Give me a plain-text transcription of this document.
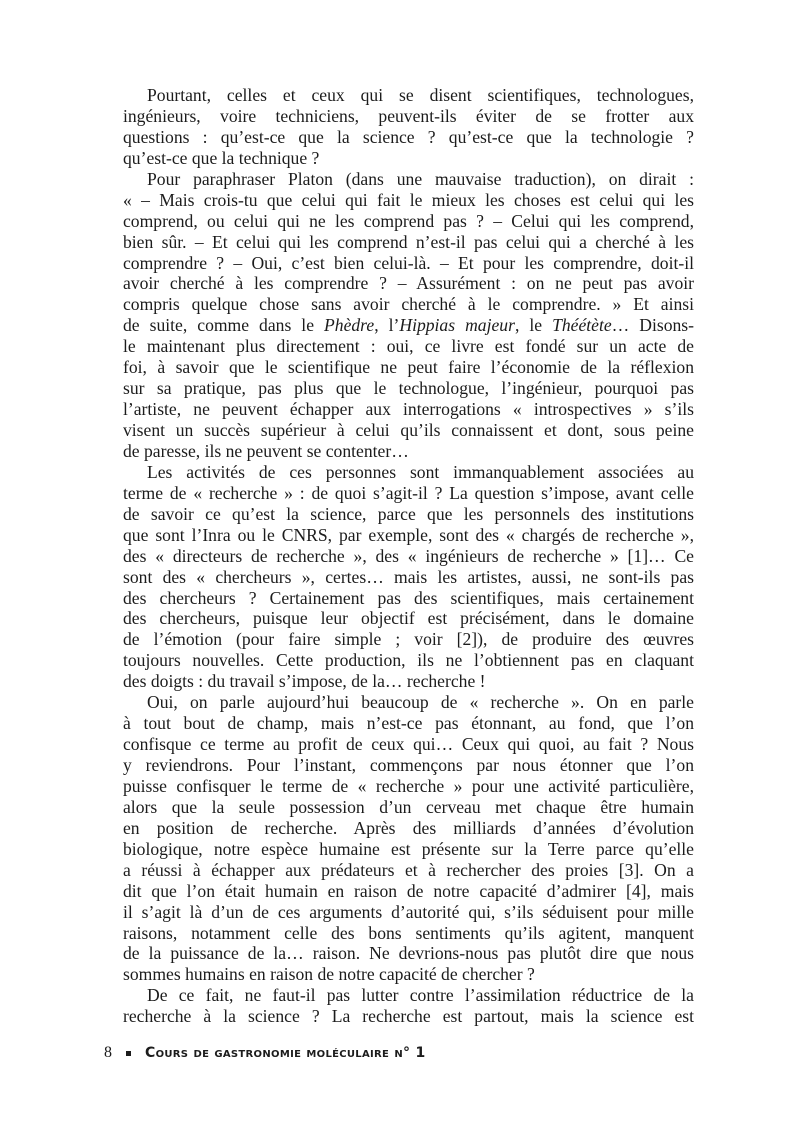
Pourtant, celles et ceux qui se disent scientifiques, technologues,
ingénieurs, voire techniciens, peuvent-ils éviter de se frotter aux
questions : qu’est-ce que la science ? qu’est-ce que la technologie ?
qu’est-ce que la technique ?
Pour paraphraser Platon (dans une mauvaise traduction), on dirait :
« – Mais crois-tu que celui qui fait le mieux les choses est celui qui les
comprend, ou celui qui ne les comprend pas ? – Celui qui les comprend,
bien sûr. – Et celui qui les comprend n’est-il pas celui qui a cherché à les
comprendre ? – Oui, c’est bien celui-là. – Et pour les comprendre, doit-il
avoir cherché à les comprendre ? – Assurément : on ne peut pas avoir
compris quelque chose sans avoir cherché à le comprendre. » Et ainsi
de suite, comme dans le Phèdre, l’Hippias majeur, le Théétète… Disons-
le maintenant plus directement : oui, ce livre est fondé sur un acte de
foi, à savoir que le scientifique ne peut faire l’économie de la réflexion
sur sa pratique, pas plus que le technologue, l’ingénieur, pourquoi pas
l’artiste, ne peuvent échapper aux interrogations « introspectives » s’ils
visent un succès supérieur à celui qu’ils connaissent et dont, sous peine
de paresse, ils ne peuvent se contenter…
Les activités de ces personnes sont immanquablement associées au
terme de « recherche » : de quoi s’agit-il ? La question s’impose, avant celle
de savoir ce qu’est la science, parce que les personnels des institutions
que sont l’Inra ou le CNRS, par exemple, sont des « chargés de recherche »,
des « directeurs de recherche », des « ingénieurs de recherche » [1]… Ce
sont des « chercheurs », certes… mais les artistes, aussi, ne sont-ils pas
des chercheurs ? Certainement pas des scientifiques, mais certainement
des chercheurs, puisque leur objectif est précisément, dans le domaine
de l’émotion (pour faire simple ; voir [2]), de produire des œuvres
toujours nouvelles. Cette production, ils ne l’obtiennent pas en claquant
des doigts : du travail s’impose, de la… recherche !
Oui, on parle aujourd’hui beaucoup de « recherche ». On en parle
à tout bout de champ, mais n’est-ce pas étonnant, au fond, que l’on
confisque ce terme au profit de ceux qui… Ceux qui quoi, au fait ? Nous
y reviendrons. Pour l’instant, commençons par nous étonner que l’on
puisse confisquer le terme de « recherche » pour une activité particulière,
alors que la seule possession d’un cerveau met chaque être humain
en position de recherche. Après des milliards d’années d’évolution
biologique, notre espèce humaine est présente sur la Terre parce qu’elle
a réussi à échapper aux prédateurs et à rechercher des proies [3]. On a
dit que l’on était humain en raison de notre capacité d’admirer [4], mais
il s’agit là d’un de ces arguments d’autorité qui, s’ils séduisent pour mille
raisons, notamment celle des bons sentiments qu’ils agitent, manquent
de la puissance de la… raison. Ne devrions-nous pas plutôt dire que nous
sommes humains en raison de notre capacité de chercher ?
De ce fait, ne faut-il pas lutter contre l’assimilation réductrice de la
recherche à la science ? La recherche est partout, mais la science est
8 Cours de gastronomie moléculaire n° 1
